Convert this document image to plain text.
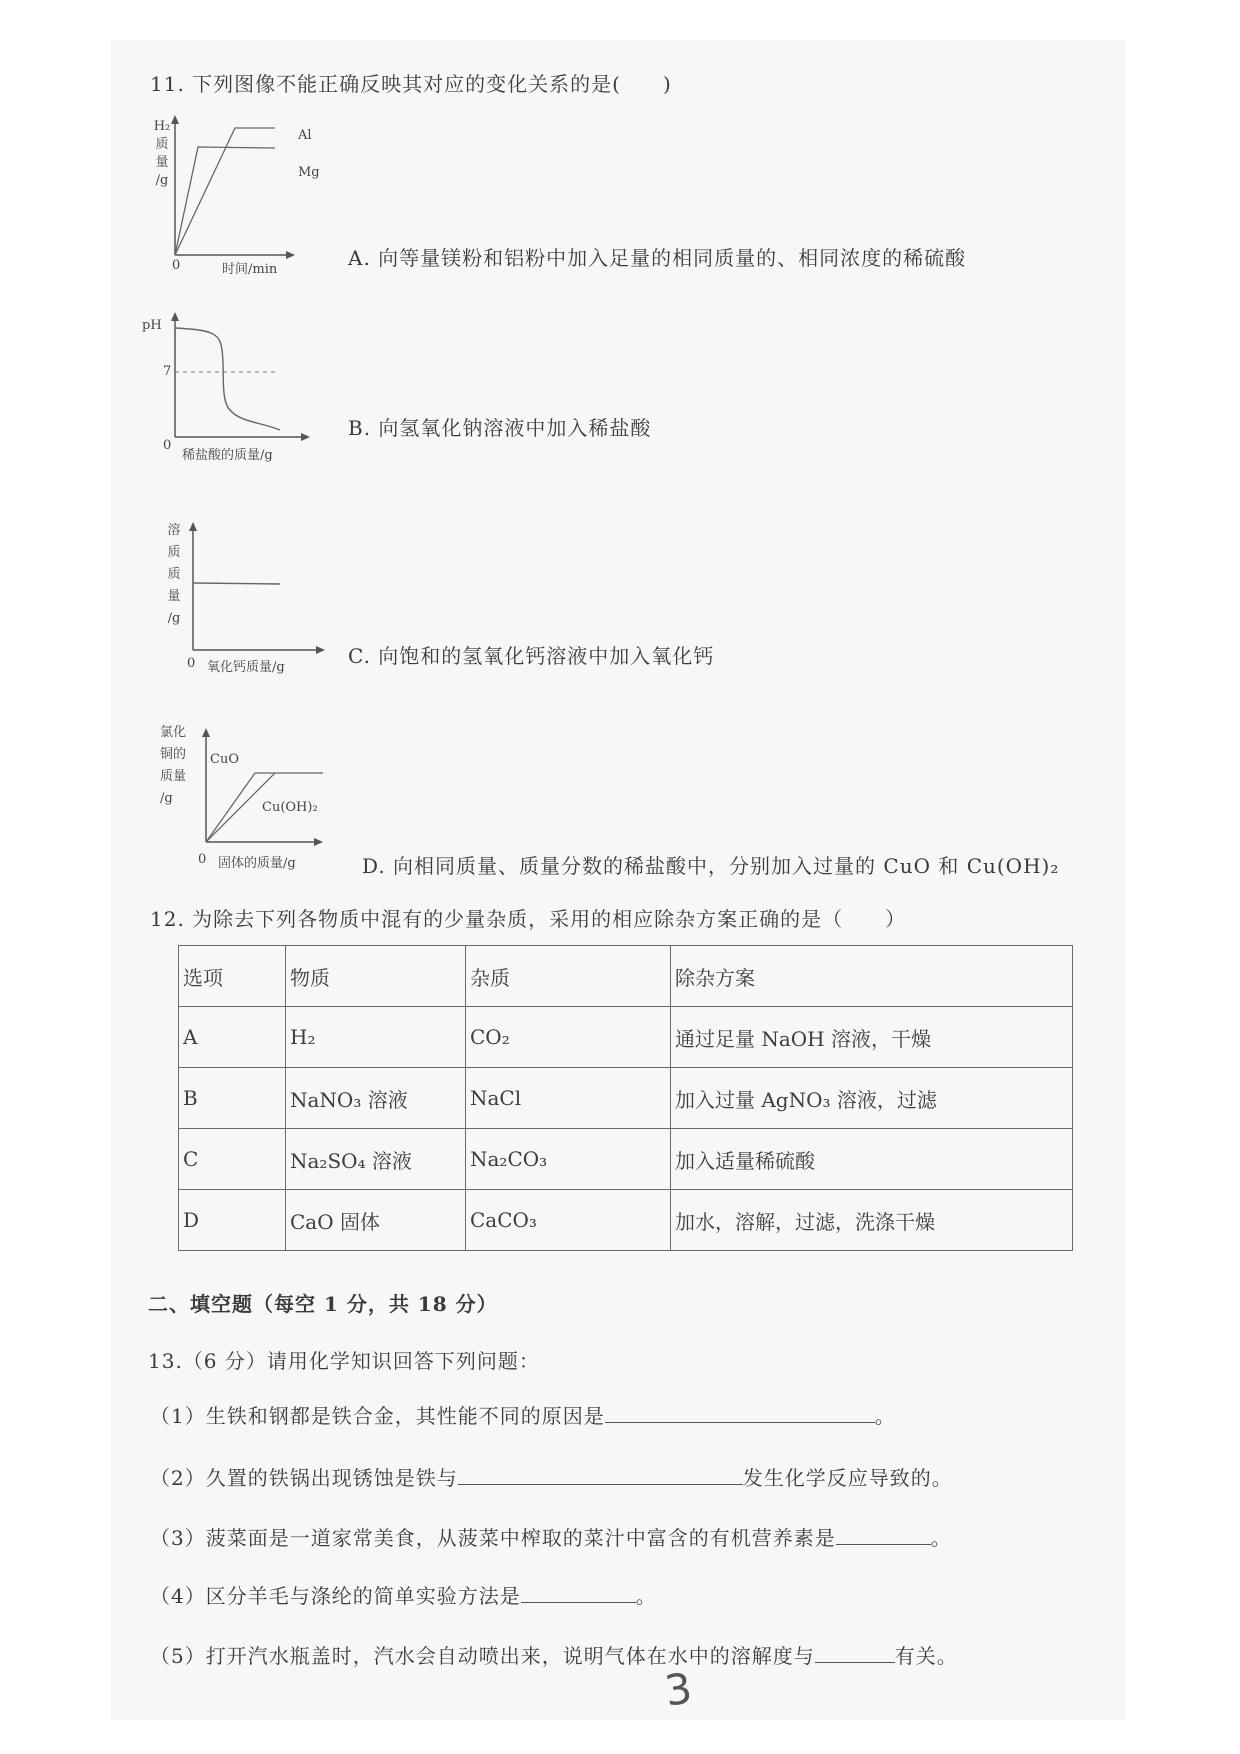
11. 下列图像不能正确反映其对应的变化关系的是(　　)
H₂
质
量
/g
Al
Mg
0	时间/min	A. 向等量镁粉和铝粉中加入足量的相同质量的、相同浓度的稀硫酸
pH
7
0
稀盐酸的质量/g
B. 向氢氧化钠溶液中加入稀盐酸
溶
质
质
量
/g
0 氧化钙质量/g	C. 向饱和的氢氧化钙溶液中加入氧化钙
氯化
铜的
质量
/g
CuO
Cu(OH)₂
0 固体的质量/g	D. 向相同质量、质量分数的稀盐酸中，分别加入过量的 CuO 和 Cu(OH)₂
12. 为除去下列各物质中混有的少量杂质，采用的相应除杂方案正确的是（　　）
选项	物质	杂质	除杂方案
A	H₂	CO₂	通过足量 NaOH 溶液，干燥
B	NaNO₃ 溶液	NaCl	加入过量 AgNO₃ 溶液，过滤
C	Na₂SO₄ 溶液	Na₂CO₃	加入适量稀硫酸
D	CaO 固体	CaCO₃	加水，溶解，过滤，洗涤干燥
二、填空题（每空 1 分，共 18 分）
13.（6 分）请用化学知识回答下列问题：
（1）生铁和钢都是铁合金，其性能不同的原因是	。
（2）久置的铁锅出现锈蚀是铁与	发生化学反应导致的。
（3）菠菜面是一道家常美食，从菠菜中榨取的菜汁中富含的有机营养素是	。
（4）区分羊毛与涤纶的简单实验方法是	。
（5）打开汽水瓶盖时，汽水会自动喷出来，说明气体在水中的溶解度与	有关。
3
